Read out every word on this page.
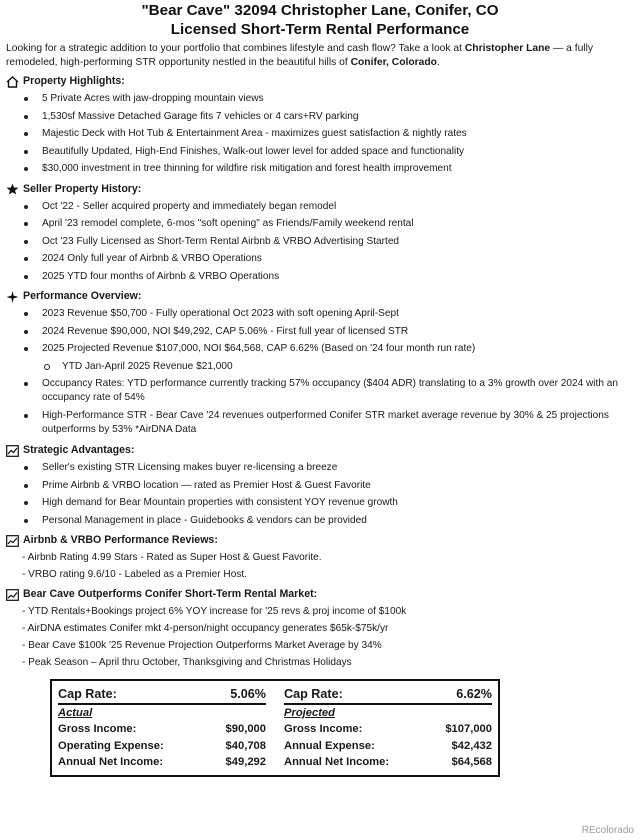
"Bear Cave" 32094 Christopher Lane, Conifer, CO
Licensed Short-Term Rental Performance

Looking for a strategic addition to your portfolio that combines lifestyle and cash flow? Take a look at Christopher Lane — a fully remodeled, high-performing STR opportunity nestled in the beautiful hills of Conifer, Colorado.

Property Highlights:
5 Private Acres with jaw-dropping mountain views
1,530sf Massive Detached Garage fits 7 vehicles or 4 cars+RV parking
Majestic Deck with Hot Tub & Entertainment Area - maximizes guest satisfaction & nightly rates
Beautifully Updated, High-End Finishes, Walk-out lower level for added space and functionality
$30,000 investment in tree thinning for wildfire risk mitigation and forest health improvement
Seller Property History:
Oct '22 - Seller acquired property and immediately began remodel
April '23 remodel complete, 6-mos "soft opening" as Friends/Family weekend rental
Oct '23 Fully Licensed as Short-Term Rental Airbnb & VRBO Advertising Started
2024 Only full year of Airbnb & VRBO Operations
2025 YTD four months of Airbnb & VRBO Operations
Performance Overview:
2023 Revenue $50,700 - Fully operational Oct 2023 with soft opening April-Sept
2024 Revenue $90,000, NOI $49,292, CAP 5.06% - First full year of licensed STR
2025 Projected Revenue $107,000, NOI $64,568, CAP 6.62% (Based on '24 four month run rate)
YTD Jan-April 2025 Revenue $21,000
Occupancy Rates: YTD performance currently tracking 57% occupancy ($404 ADR) translating to a 3% growth over 2024 with an occupancy rate of 54%
High-Performance STR - Bear Cave '24 revenues outperformed Conifer STR market average revenue by 30% & 25 projections outperforms by 53% *AirDNA Data
Strategic Advantages:
Seller's existing STR Licensing makes buyer re-licensing a breeze
Prime Airbnb & VRBO location — rated as Premier Host & Guest Favorite
High demand for Bear Mountain properties with consistent YOY revenue growth
Personal Management in place - Guidebooks & vendors can be provided
Airbnb & VRBO Performance Reviews:
- Airbnb Rating 4.99 Stars - Rated as Super Host & Guest Favorite.
- VRBO rating 9.6/10 - Labeled as a Premier Host.
Bear Cave Outperforms Conifer Short-Term Rental Market:
- YTD Rentals+Bookings project 6% YOY increase for '25 revs & proj income of $100k
- AirDNA estimates Conifer mkt 4-person/night occupancy generates $65k-$75k/yr
- Bear Cave $100k '25 Revenue Projection Outperforms Market Average by 34%
- Peak Season – April thru October, Thanksgiving and Christmas Holidays
Cap Rate:	5.06%
Actual
Gross Income:	$90,000
Operating Expense:	$40,708
Annual Net Income:	$49,292
Cap Rate:	6.62%
Projected
Gross Income:	$107,000
Annual Expense:	$42,432
Annual Net Income:	$64,568
REcolorado
